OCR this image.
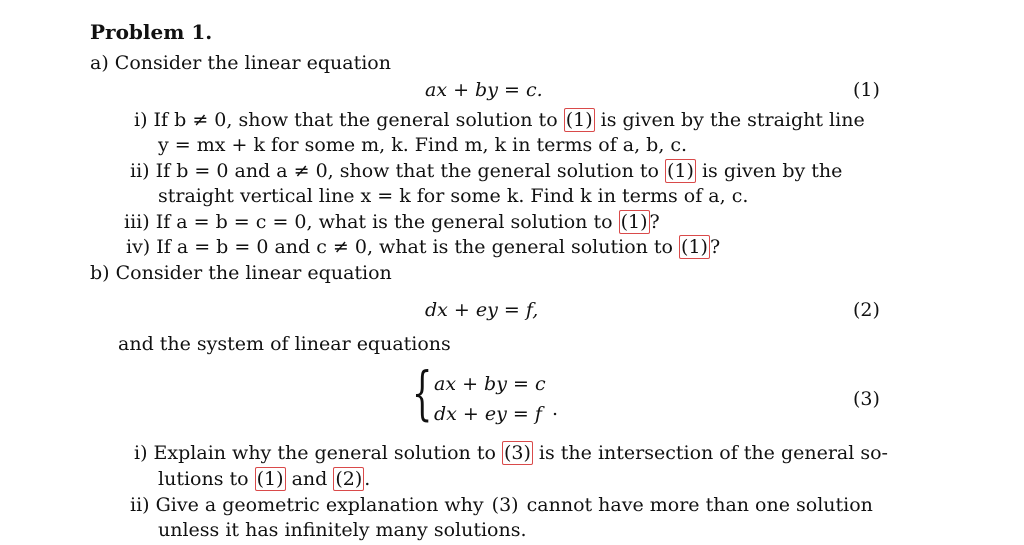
Problem 1.
a) Consider the linear equation
ax + by = c.	(1)
i) If b ≠ 0, show that the general solution to (1) is given by the straight line
y = mx + k for some m, k. Find m, k in terms of a, b, c.
ii) If b = 0 and a ≠ 0, show that the general solution to (1) is given by the
straight vertical line x = k for some k. Find k in terms of a, c.
iii) If a = b = c = 0, what is the general solution to (1) ?
iv) If a = b = 0 and c ≠ 0, what is the general solution to (1) ?
b) Consider the linear equation
dx + ey = f,	(2)
and the system of linear equations
{ ax + by = c
dx + ey = f .	(3)
i) Explain why the general solution to (3) is the intersection of the general so-
lutions to (1) and (2) .
ii) Give a geometric explanation why (3) cannot have more than one solution
unless it has infinitely many solutions.
